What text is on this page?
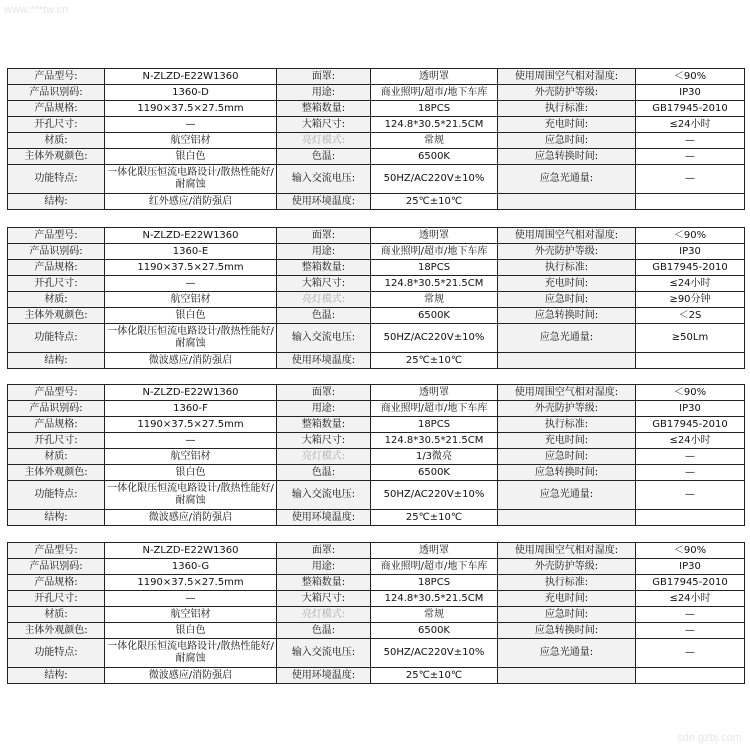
www.***tw.cn
产品型号:	N-ZLZD-E22W1360	面罩:	透明罩	使用周围空气相对湿度:	＜90%
产品识别码:	1360-D	用途:	商业照明/超市/地下车库	外壳防护等级:	IP30
产品规格:	1190×37.5×27.5mm	整箱数量:	18PCS	执行标准:	GB17945-2010
开孔尺寸:	—	大箱尺寸:	124.8*30.5*21.5CM	充电时间:	≤24小时
材质:	航空铝材	亮灯模式:	常规	应急时间:	—
主体外观颜色:	银白色	色温:	6500K	应急转换时间:	—
功能特点:	一体化限压恒流电路设计/散热性能好/耐腐蚀	输入交流电压:	50HZ/AC220V±10%	应急光通量:	—
结构:	红外感应/消防强启	使用环境温度:	25℃±10℃		
产品型号:	N-ZLZD-E22W1360	面罩:	透明罩	使用周围空气相对湿度:	＜90%
产品识别码:	1360-E	用途:	商业照明/超市/地下车库	外壳防护等级:	IP30
产品规格:	1190×37.5×27.5mm	整箱数量:	18PCS	执行标准:	GB17945-2010
开孔尺寸:	—	大箱尺寸:	124.8*30.5*21.5CM	充电时间:	≤24小时
材质:	航空铝材	亮灯模式:	常规	应急时间:	≥90分钟
主体外观颜色:	银白色	色温:	6500K	应急转换时间:	＜2S
功能特点:	一体化限压恒流电路设计/散热性能好/耐腐蚀	输入交流电压:	50HZ/AC220V±10%	应急光通量:	≥50Lm
结构:	微波感应/消防强启	使用环境温度:	25℃±10℃		
产品型号:	N-ZLZD-E22W1360	面罩:	透明罩	使用周围空气相对湿度:	＜90%
产品识别码:	1360-F	用途:	商业照明/超市/地下车库	外壳防护等级:	IP30
产品规格:	1190×37.5×27.5mm	整箱数量:	18PCS	执行标准:	GB17945-2010
开孔尺寸:	—	大箱尺寸:	124.8*30.5*21.5CM	充电时间:	≤24小时
材质:	航空铝材	亮灯模式:	1/3微亮	应急时间:	—
主体外观颜色:	银白色	色温:	6500K	应急转换时间:	—
功能特点:	一体化限压恒流电路设计/散热性能好/耐腐蚀	输入交流电压:	50HZ/AC220V±10%	应急光通量:	—
结构:	微波感应/消防强启	使用环境温度:	25℃±10℃		
产品型号:	N-ZLZD-E22W1360	面罩:	透明罩	使用周围空气相对湿度:	＜90%
产品识别码:	1360-G	用途:	商业照明/超市/地下车库	外壳防护等级:	IP30
产品规格:	1190×37.5×27.5mm	整箱数量:	18PCS	执行标准:	GB17945-2010
开孔尺寸:	—	大箱尺寸:	124.8*30.5*21.5CM	充电时间:	≤24小时
材质:	航空铝材	亮灯模式:	常规	应急时间:	—
主体外观颜色:	银白色	色温:	6500K	应急转换时间:	—
功能特点:	一体化限压恒流电路设计/散热性能好/耐腐蚀	输入交流电压:	50HZ/AC220V±10%	应急光通量:	—
结构:	微波感应/消防强启	使用环境温度:	25℃±10℃		
sdn.gzbj.com
